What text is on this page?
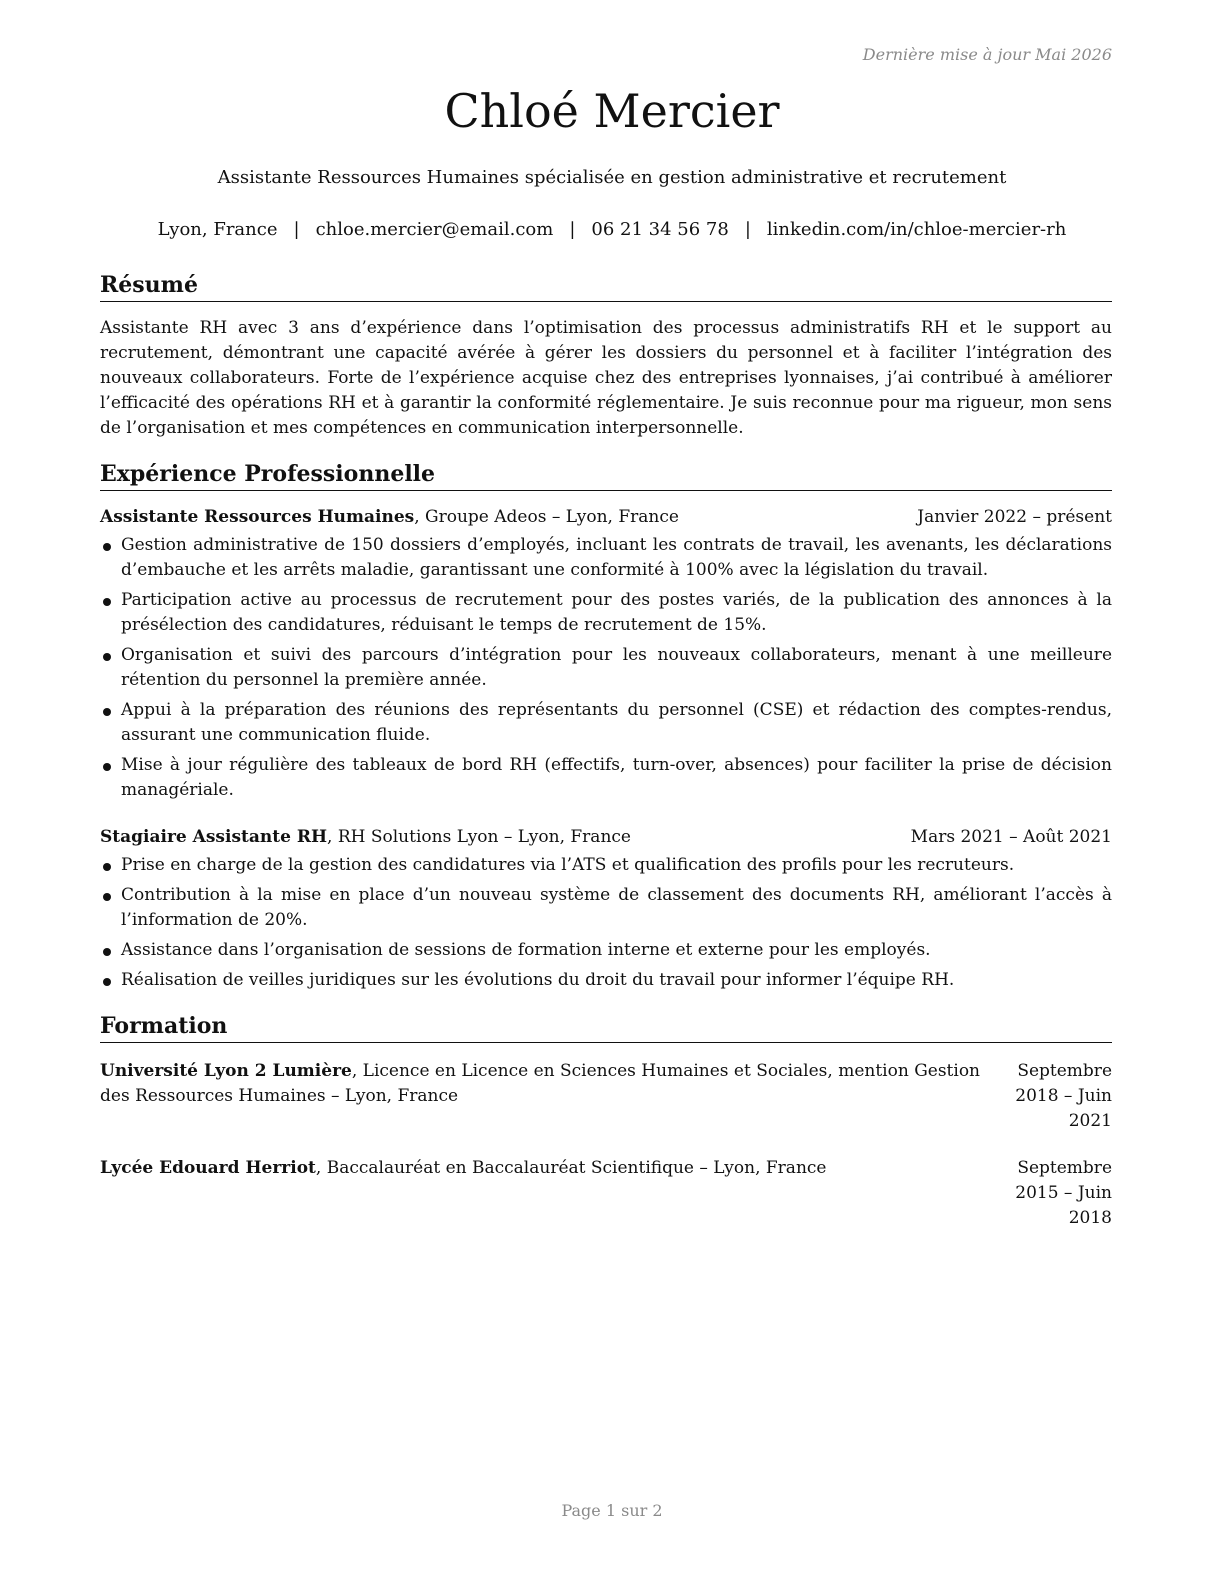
Dernière mise à jour Mai 2026
Chloé Mercier
Assistante Ressources Humaines spécialisée en gestion administrative et recrutement
Lyon, France | chloe.mercier@email.com | 06 21 34 56 78 | linkedin.com/in/chloe-mercier-rh
Résumé

Assistante RH avec 3 ans d’expérience dans l’optimisation des processus administratifs RH et le support au recrutement, démontrant une capacité avérée à gérer les dossiers du personnel et à faciliter l’intégration des nouveaux collaborateurs. Forte de l’expérience acquise chez des entreprises lyonnaises, j’ai contribué à améliorer l’efficacité des opérations RH et à garantir la conformité réglementaire. Je suis reconnue pour ma rigueur, mon sens de l’organisation et mes compétences en communication interpersonnelle.

Expérience Professionnelle
Assistante Ressources Humaines, Groupe Adeos – Lyon, France	Janvier 2022 – présent
Gestion administrative de 150 dossiers d’employés, incluant les contrats de travail, les avenants, les déclarations d’embauche et les arrêts maladie, garantissant une conformité à 100% avec la législation du travail.
Participation active au processus de recrutement pour des postes variés, de la publication des annonces à la présélection des candidatures, réduisant le temps de recrutement de 15%.
Organisation et suivi des parcours d’intégration pour les nouveaux collaborateurs, menant à une meilleure rétention du personnel la première année.
Appui à la préparation des réunions des représentants du personnel (CSE) et rédaction des comptes-rendus, assurant une communication fluide.
Mise à jour régulière des tableaux de bord RH (effectifs, turn-over, absences) pour faciliter la prise de décision managériale.
Stagiaire Assistante RH, RH Solutions Lyon – Lyon, France	Mars 2021 – Août 2021
Prise en charge de la gestion des candidatures via l’ATS et qualification des profils pour les recruteurs.
Contribution à la mise en place d’un nouveau système de classement des documents RH, améliorant l’accès à l’information de 20%.
Assistance dans l’organisation de sessions de formation interne et externe pour les employés.
Réalisation de veilles juridiques sur les évolutions du droit du travail pour informer l’équipe RH.
Formation
Université Lyon 2 Lumière, Licence en Licence en Sciences Humaines et Sociales, mention Gestion des Ressources Humaines – Lyon, France
Septembre 2018 – Juin 2021
Lycée Edouard Herriot, Baccalauréat en Baccalauréat Scientifique – Lyon, France	Septembre 2015 – Juin 2018
Page 1 sur 2
